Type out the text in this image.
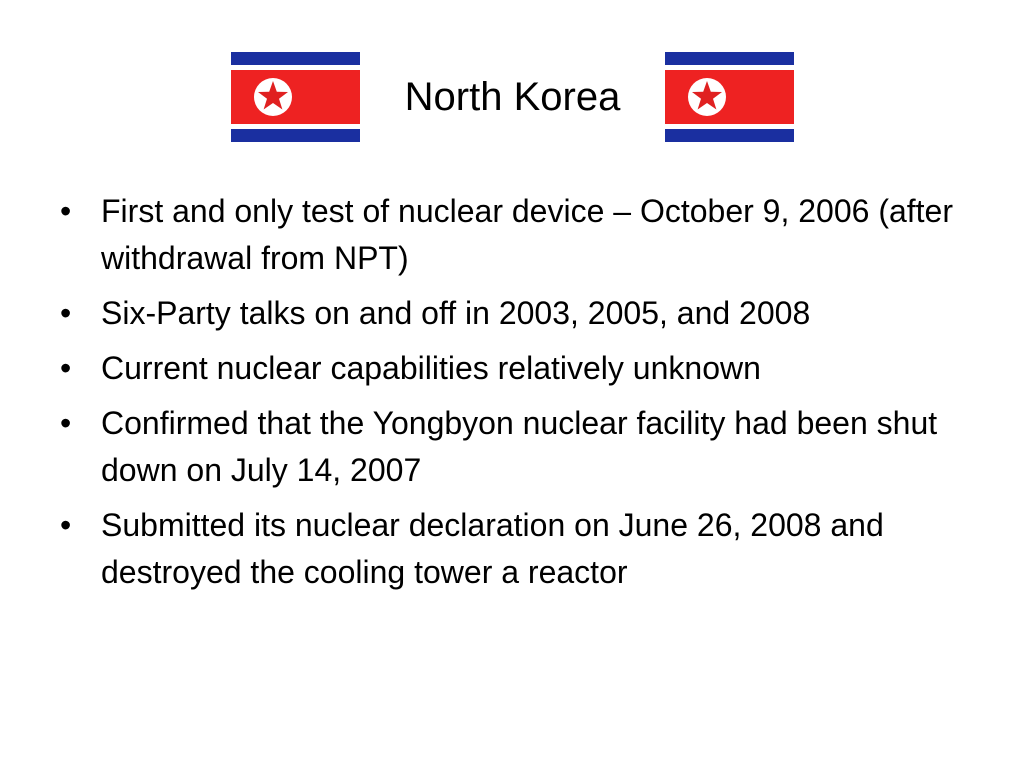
North Korea
• First and only test of nuclear device – October 9, 2006 (after withdrawal from NPT)
• Six-Party talks on and off in 2003, 2005, and 2008
• Current nuclear capabilities relatively unknown
• Confirmed that the Yongbyon nuclear facility had been shut down on July 14, 2007
• Submitted its nuclear declaration on June 26, 2008 and destroyed the cooling tower a reactor
